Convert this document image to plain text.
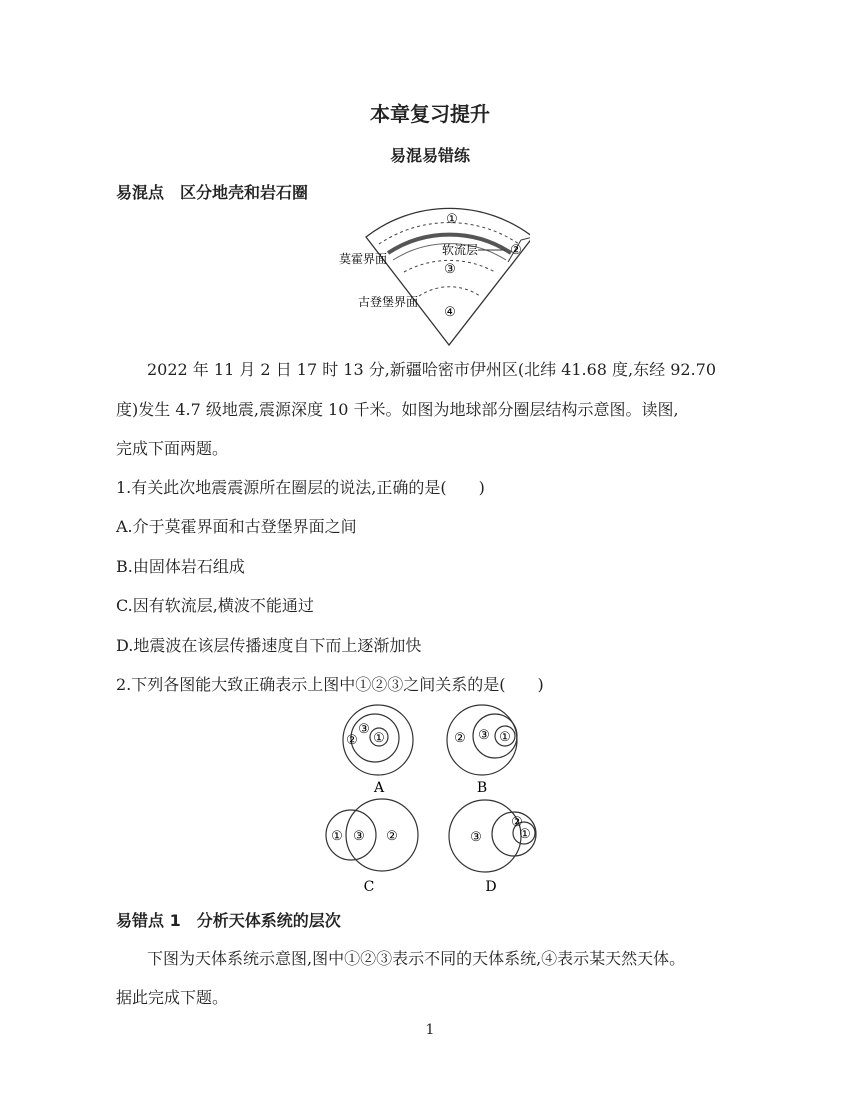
本章复习提升
易混易错练
易混点　区分地壳和岩石圈
①
②
③
④
莫霍界面
软流层
古登堡界面
2022 年 11 月 2 日 17 时 13 分,新疆哈密市伊州区(北纬 41.68 度,东经 92.70
度)发生 4.7 级地震,震源深度 10 千米。如图为地球部分圈层结构示意图。读图,
完成下面两题。
1.有关此次地震震源所在圈层的说法,正确的是(　　)
A.介于莫霍界面和古登堡界面之间
B.由固体岩石组成
C.因有软流层,横波不能通过
D.地震波在该层传播速度自下而上逐渐加快
2.下列各图能大致正确表示上图中①②③之间关系的是(　　)
①
②
③
A
①
② ③
B
①	②
③
C
①
②
③
D
易错点 1　分析天体系统的层次
下图为天体系统示意图,图中①②③表示不同的天体系统,④表示某天然天体。
据此完成下题。
1
